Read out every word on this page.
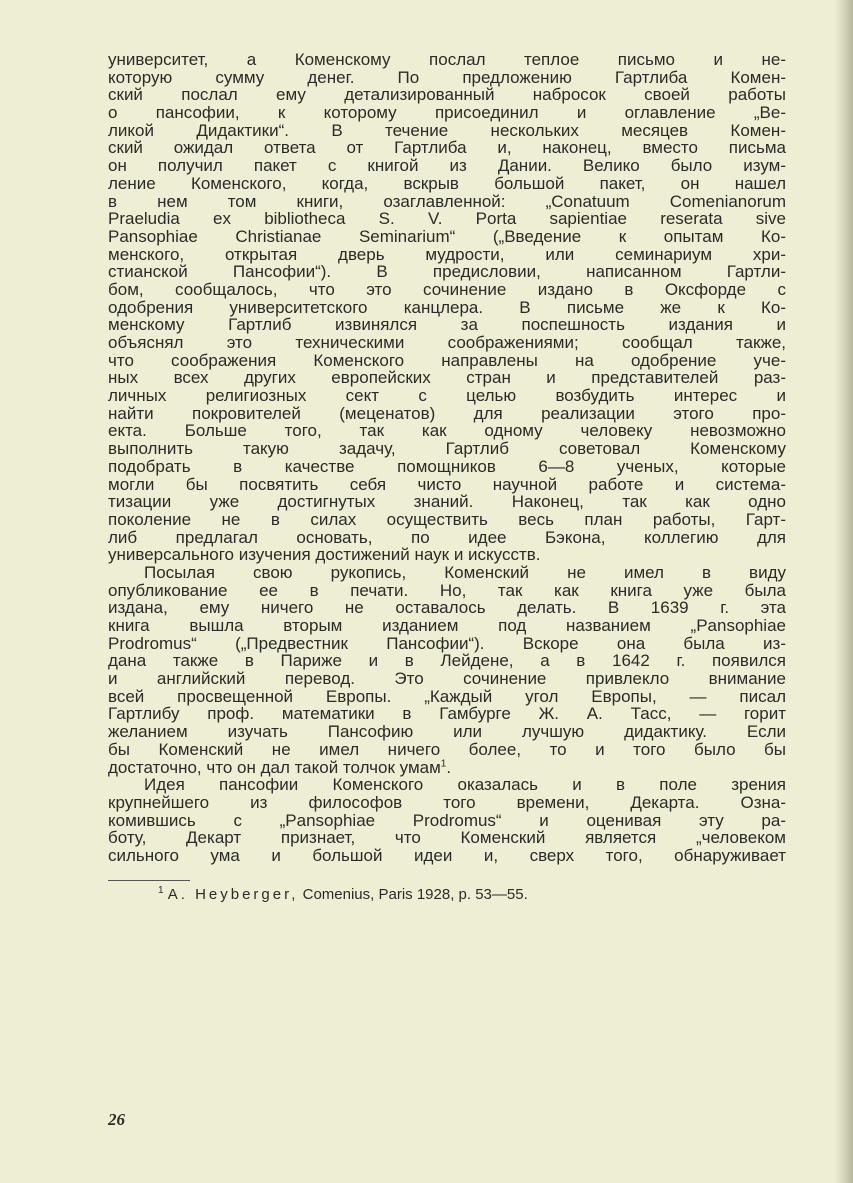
университет, а Коменскому послал теплое письмо и не-
которую сумму денег. По предложению Гартлиба Комен-
ский послал ему детализированный набросок своей работы
о пансофии, к которому присоединил и оглавление „Ве-
ликой Дидактики“. В течение нескольких месяцев Комен-
ский ожидал ответа от Гартлиба и, наконец, вместо письма
он получил пакет с книгой из Дании. Велико было изум-
ление Коменского, когда, вскрыв большой пакет, он нашел
в нем том книги, озаглавленной: „Conatuum Comenianorum
Praeludia ex bibliotheca S. V. Porta sapientiae reserata sive
Pansophiae Christianae Seminarium“ („Введение к опытам Ко-
менского, открытая дверь мудрости, или семинариум хри-
стианской Пансофии“). В предисловии, написанном Гартли-
бом, сообщалось, что это сочинение издано в Оксфорде с
одобрения университетского канцлера. В письме же к Ко-
менскому Гартлиб извинялся за поспешность издания и
объяснял это техническими соображениями; сообщал также,
что соображения Коменского направлены на одобрение уче-
ных всех других европейских стран и представителей раз-
личных религиозных сект с целью возбудить интерес и
найти покровителей (меценатов) для реализации этого про-
екта. Больше того, так как одному человеку невозможно
выполнить такую задачу, Гартлиб советовал Коменскому
подобрать в качестве помощников 6—8 ученых, которые
могли бы посвятить себя чисто научной работе и система-
тизации уже достигнутых знаний. Наконец, так как одно
поколение не в силах осуществить весь план работы, Гарт-
либ предлагал основать, по идее Бэкона, коллегию для
универсального изучения достижений наук и искусств.
Посылая свою рукопись, Коменский не имел в виду
опубликование ее в печати. Но, так как книга уже была
издана, ему ничего не оставалось делать. В 1639 г. эта
книга вышла вторым изданием под названием „Pansophiae
Prodromus“ („Предвестник Пансофии“). Вскоре она была из-
дана также в Париже и в Лейдене, а в 1642 г. появился
и английский перевод. Это сочинение привлекло внимание
всей просвещенной Европы. „Каждый угол Европы, — писал
Гартлибу проф. математики в Гамбурге Ж. А. Тасс, — горит
желанием изучать Пансофию или лучшую дидактику. Если
бы Коменский не имел ничего более, то и того было бы
достаточно, что он дал такой толчок умам$^1$.
Идея пансофии Коменского оказалась и в поле зрения
крупнейшего из философов того времени, Декарта. Озна-
комившись с „Pansophiae Prodromus“ и оценивая эту ра-
боту, Декарт признает, что Коменский является „человеком
сильного ума и большой идеи и, сверх того, обнаруживает
$^1$ A. Heyberger, Comenius, Paris 1928, p. 53—55.
26
